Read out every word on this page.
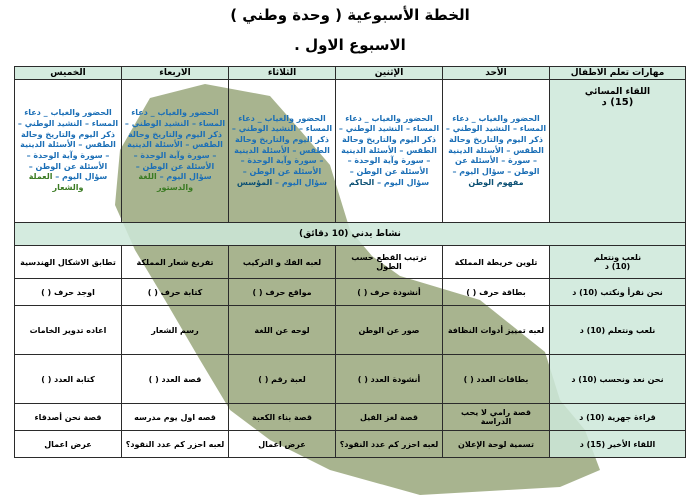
الخطة الأسبوعية ( وحدة وطني )
. الاسبوع الاول
مهارات تعلم الاطفال	الأحد	الإثنين	الثلاثاء	الاربعاء	الخميس

اللقاء المسائي
(15) د	الحضور والغياب _ دعاء المساء – النشيد الوطني – ذكر اليوم والتاريخ وحالة الطقس – الأسئلة الدينية – سورة – الأسئلة عن الوطن – سؤال اليوم – مفهوم الوطن	الحضور والغياب _ دعاء المساء – النشيد الوطني – ذكر اليوم والتاريخ وحالة الطقس – الأسئلة الدينية – سورة وآية الوحدة – الأسئلة عن الوطن – سؤال اليوم – الحاكم	الحضور والغياب _ دعاء المساء – النشيد الوطني – ذكر اليوم والتاريخ وحالة الطقس – الأسئلة الدينية – سورة وآية الوحدة – الأسئلة عن الوطن – سؤال اليوم – المؤسس	الحضور والغياب _ دعاء المساء – النشيد الوطني – ذكر اليوم والتاريخ وحالة الطقس – الأسئلة الدينية – سورة وآية الوحدة – الأسئلة عن الوطن – سؤال اليوم – اللغة والدستور	الحضور والغياب _ دعاء المساء – النشيد الوطني – ذكر اليوم والتاريخ وحالة الطقس – الأسئلة الدينية – سورة وآية الوحدة – الأسئلة عن الوطن – سؤال اليوم – العملة والشعار
نشاط يدني (10 دقائق)					
نلعب ونتعلم
(10) د	تلوين خريطة المملكة	ترتيب القطع حسب الطول	لعبه الفك و التركيب	تفريغ شعار المملكة	تطابق الاشكال الهندسية
نحن نقرأ ونكتب (10) د	بطاقة حرف ( )	أنشودة حرف ( )	مواقع حرف ( )	كتابة حرف ( )	اوجد حرف ( )
نلعب ونتعلم (10) د	لعبه تمييز أدوات النظافة	صور عن الوطن	لوحه عن اللغة	رسم الشعار	اعاده تدوير الخامات
نحن نعد ونحسب (10) د	بطاقات العدد ( )	أنشودة العدد ( )	لعبة رقم ( )	قصة العدد ( )	كتابة العدد ( )
قراءة جهرية (10) د	قصة رامي لا يحب الدراسة	قصة لغز الفيل	قصة بناء الكعبة	قصه اول يوم مدرسه	قصة نحن أصدقاء
اللقاء الأخير (15) د	تسمية لوحة الإعلان	لعبه احزر كم عدد النقود؟	عرض اعمال	لعبه احزر كم عدد النقود؟	عرض اعمال
